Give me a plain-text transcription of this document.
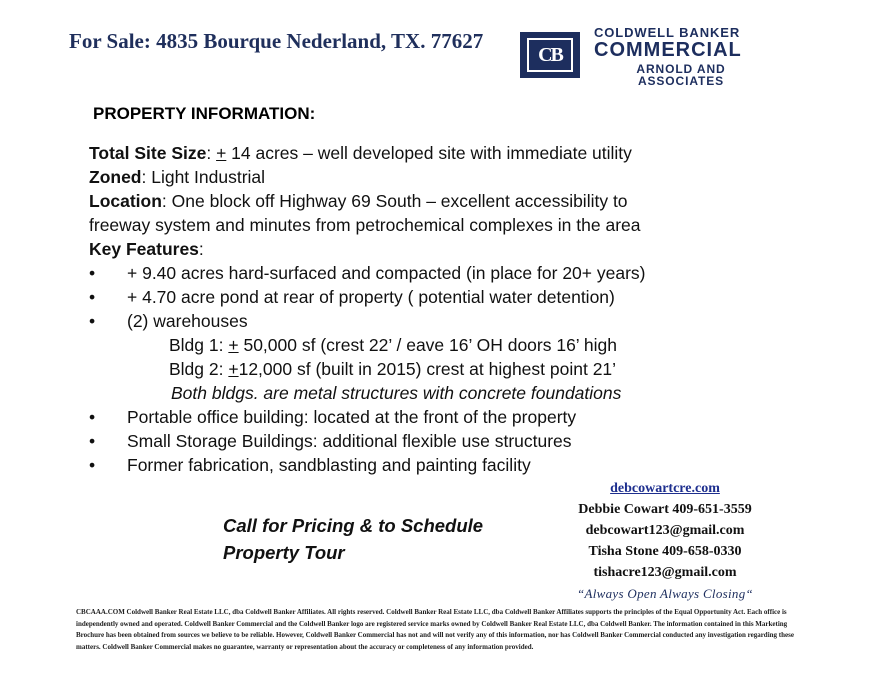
For Sale: 4835 Bourque Nederland, TX. 77627
CB
COLDWELL BANKER
COMMERCIAL
ARNOLD AND
ASSOCIATES
PROPERTY INFORMATION:
Total Site Size: + 14 acres – well developed site with immediate utility
Zoned: Light Industrial
Location: One block off Highway 69 South – excellent accessibility to
freeway system and minutes from petrochemical complexes in the area
Key Features:
• + 9.40 acres hard-surfaced and compacted (in place for 20+ years)
• + 4.70 acre pond at rear of property ( potential water detention)
• (2) warehouses
Bldg 1: + 50,000 sf (crest 22’ / eave 16’ OH doors 16’ high
Bldg 2: +12,000 sf (built in 2015) crest at highest point 21’
Both bldgs. are metal structures with concrete foundations
• Portable office building: located at the front of the property
• Small Storage Buildings: additional flexible use structures
• Former fabrication, sandblasting and painting facility
Call for Pricing & to Schedule
Property Tour
debcowartcre.com
Debbie Cowart 409-651-3559
debcowart123@gmail.com
Tisha Stone 409-658-0330
tishacre123@gmail.com
“Always Open Always Closing“
CBCAAA.COM Coldwell Banker Real Estate LLC, dba Coldwell Banker Affiliates. All rights reserved. Coldwell Banker Real Estate LLC, dba Coldwell Banker Affiliates supports the principles of the Equal Opportunity Act. Each office is independently owned and operated. Coldwell Banker Commercial and the Coldwell Banker logo are registered service marks owned by Coldwell Banker Real Estate LLC, dba Coldwell Banker. The information contained in this Marketing Brochure has been obtained from sources we believe to be reliable. However, Coldwell Banker Commercial has not and will not verify any of this information, nor has Coldwell Banker Commercial conducted any investigation regarding these matters. Coldwell Banker Commercial makes no guarantee, warranty or representation about the accuracy or completeness of any information provided.
